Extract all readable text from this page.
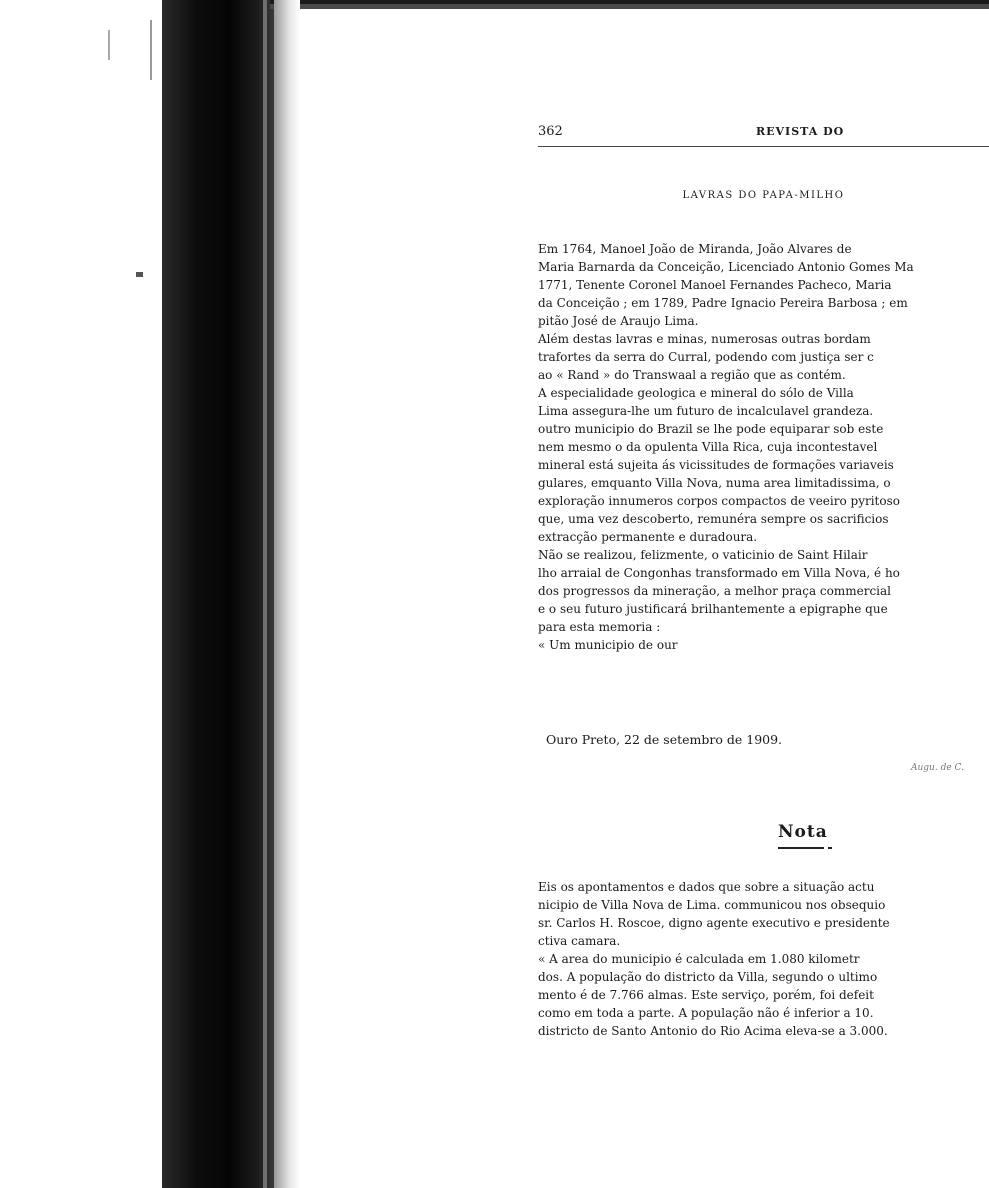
362	REVISTA DO
LAVRAS DO PAPA-MILHO
Em 1764, Manoel João de Miranda, João Alvares de
Maria Barnarda da Conceição, Licenciado Antonio Gomes Ma
1771, Tenente Coronel Manoel Fernandes Pacheco, Maria
da Conceição ; em 1789, Padre Ignacio Pereira Barbosa ; em
pitão José de Araujo Lima.
Além destas lavras e minas, numerosas outras bordam
trafortes da serra do Curral, podendo com justiça ser c
ao « Rand » do Transwaal a região que as contém.
A especialidade geologica e mineral do sólo de Villa
Lima assegura-lhe um futuro de incalculavel grandeza.
outro municipio do Brazil se lhe pode equiparar sob este
nem mesmo o da opulenta Villa Rica, cuja incontestavel
mineral está sujeita ás vicissitudes de formações variaveis
gulares, emquanto Villa Nova, numa area limitadissima, o
exploração innumeros corpos compactos de veeiro pyritoso
que, uma vez descoberto, remunéra sempre os sacrificios
extracção permanente e duradoura.
Não se realizou, felizmente, o vaticinio de Saint Hilair
lho arraial de Congonhas transformado em Villa Nova, é ho
dos progressos da mineração, a melhor praça commercial
e o seu futuro justificará brilhantemente a epigraphe que
para esta memoria :
« Um municipio de our
Ouro Preto, 22 de setembro de 1909.
Augu. de C.
Nota
Eis os apontamentos e dados que sobre a situação actu
nicipio de Villa Nova de Lima. communicou nos obsequio
sr. Carlos H. Roscoe, digno agente executivo e presidente
ctiva camara.
« A area do municipio é calculada em 1.080 kilometr
dos. A população do districto da Villa, segundo o ultimo
mento é de 7.766 almas. Este serviço, porém, foi defeit
como em toda a parte. A população não é inferior a 10.
districto de Santo Antonio do Rio Acima eleva-se a 3.000.
